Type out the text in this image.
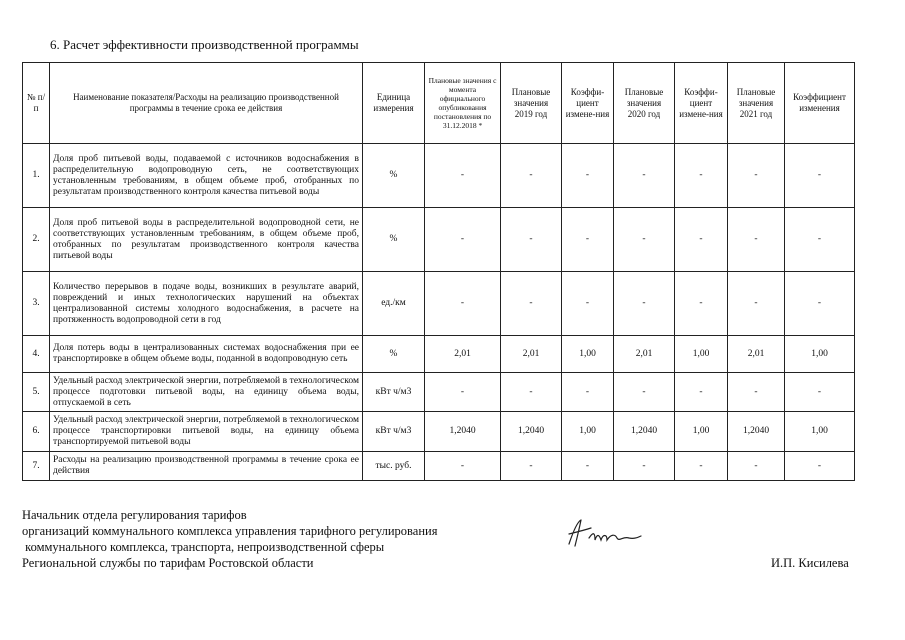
6. Расчет эффективности производственной программы
№ п/п	Наименование показателя/Расходы на реализацию производственной программы в течение срока ее действия	Единица измерения	Плановые значения с момента официального опубликования постановления по 31.12.2018 *	Плановые значения 2019 год	Коэффи-циент измене-ния	Плановые значения 2020 год	Коэффи-циент измене-ния	Плановые значения 2021 год	Коэффициент изменения
1.	Доля проб питьевой воды, подаваемой с источников водоснабжения в распределительную водопроводную сеть, не соответствующих установленным требованиям, в общем объеме проб, отобранных по результатам производственного контроля качества питьевой воды	%	-	-	-	-	-	-	-
2.	Доля проб питьевой воды в распределительной водопроводной сети, не соответствующих установленным требованиям, в общем объеме проб, отобранных по результатам производственного контроля качества питьевой воды	%	-	-	-	-	-	-	-
3.	Количество перерывов в подаче воды, возникших в результате аварий, повреждений и иных технологических нарушений на объектах централизованной системы холодного водоснабжения, в расчете на протяженность водопроводной сети в год	ед./км	-	-	-	-	-	-	-
4.	Доля потерь воды в централизованных системах водоснабжения при ее транспортировке в общем объеме воды, поданной в водопроводную сеть	%	2,01	2,01	1,00	2,01	1,00	2,01	1,00
5.	Удельный расход электрической энергии, потребляемой в технологическом процессе подготовки питьевой воды, на единицу объема воды, отпускаемой в сеть	кВт ч/м3	-	-	-	-	-	-	-
6.	Удельный расход электрической энергии, потребляемой в технологическом процессе транспортировки питьевой воды, на единицу объема транспортируемой питьевой воды	кВт ч/м3	1,2040	1,2040	1,00	1,2040	1,00	1,2040	1,00
7.	Расходы на реализацию производственной программы в течение срока ее действия	тыс. руб.	-	-	-	-	-	-	-
Начальник отдела регулирования тарифов
организаций коммунального комплекса управления тарифного регулирования
коммунального комплекса, транспорта, непроизводственной сферы
Региональной службы по тарифам Ростовской области	И.П. Кисилева
